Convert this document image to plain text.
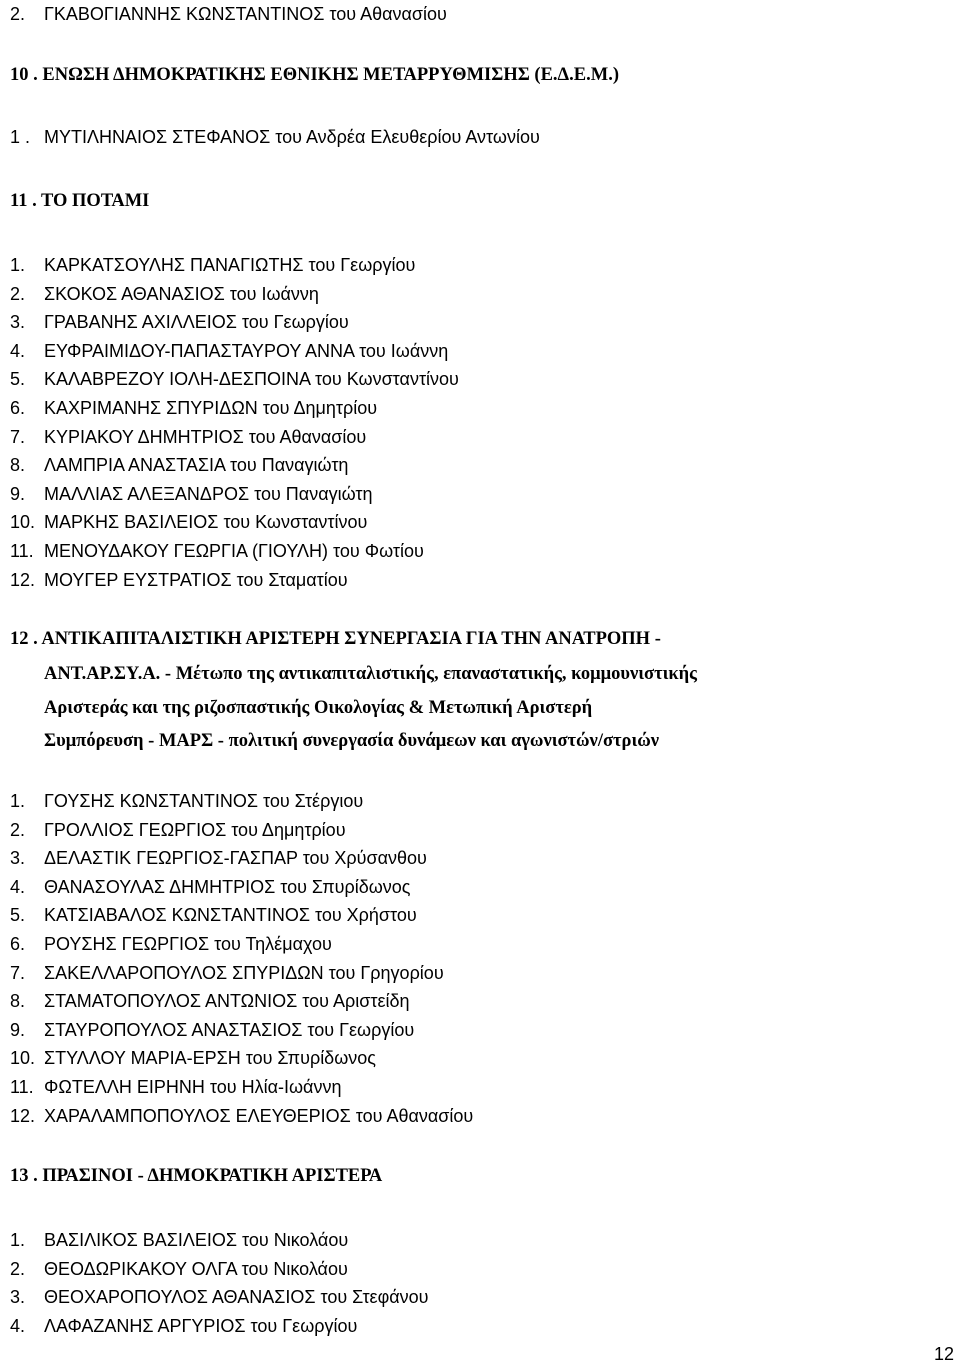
2. ΓΚΑΒΟΓΙΑΝΝΗΣ ΚΩΝΣΤΑΝΤΙΝΟΣ του Αθανασίου
10 . ΕΝΩΣΗ ΔΗΜΟΚΡΑΤΙΚΗΣ ΕΘΝΙΚΗΣ ΜΕΤΑΡΡΥΘΜΙΣΗΣ (Ε.Δ.Ε.Μ.)
1 . ΜΥΤΙΛΗΝΑΙΟΣ ΣΤΕΦΑΝΟΣ του Ανδρέα Ελευθερίου Αντωνίου
11 . ΤΟ ΠΟΤΑΜΙ
1. ΚΑΡΚΑΤΣΟΥΛΗΣ ΠΑΝΑΓΙΩΤΗΣ του Γεωργίου
2. ΣΚΟΚΟΣ ΑΘΑΝΑΣΙΟΣ του Ιωάννη
3. ΓΡΑΒΑΝΗΣ ΑΧΙΛΛΕΙΟΣ του Γεωργίου
4. ΕΥΦΡΑΙΜΙΔΟΥ-ΠΑΠΑΣΤΑΥΡΟΥ ΑΝΝΑ του Ιωάννη
5. ΚΑΛΑΒΡΕΖΟΥ ΙΟΛΗ-ΔΕΣΠΟΙΝΑ του Κωνσταντίνου
6. ΚΑΧΡΙΜΑΝΗΣ ΣΠΥΡΙΔΩΝ του Δημητρίου
7. ΚΥΡΙΑΚΟΥ ΔΗΜΗΤΡΙΟΣ του Αθανασίου
8. ΛΑΜΠΡΙΑ ΑΝΑΣΤΑΣΙΑ του Παναγιώτη
9. ΜΑΛΛΙΑΣ ΑΛΕΞΑΝΔΡΟΣ του Παναγιώτη
10. ΜΑΡΚΗΣ ΒΑΣΙΛΕΙΟΣ του Κωνσταντίνου
11. ΜΕΝΟΥΔΑΚΟΥ ΓΕΩΡΓΙΑ (ΓΙΟΥΛΗ) του Φωτίου
12. ΜΟΥΓΕΡ ΕΥΣΤΡΑΤΙΟΣ του Σταματίου
12 . ΑΝΤΙΚΑΠΙΤΑΛΙΣΤΙΚΗ ΑΡΙΣΤΕΡΗ ΣΥΝΕΡΓΑΣΙΑ ΓΙΑ ΤΗΝ ΑΝΑΤΡΟΠΗ -
ΑΝΤ.ΑΡ.ΣΥ.Α. - Μέτωπο της αντικαπιταλιστικής, επαναστατικής, κομμουνιστικής
Αριστεράς και της ριζοσπαστικής Οικολογίας & Μετωπική Αριστερή
Συμπόρευση - ΜΑΡΣ - πολιτική συνεργασία δυνάμεων και αγωνιστών/στριών
1. ΓΟΥΣΗΣ ΚΩΝΣΤΑΝΤΙΝΟΣ του Στέργιου
2. ΓΡΟΛΛΙΟΣ ΓΕΩΡΓΙΟΣ του Δημητρίου
3. ΔΕΛΑΣΤΙΚ ΓΕΩΡΓΙΟΣ-ΓΑΣΠΑΡ του Χρύσανθου
4. ΘΑΝΑΣΟΥΛΑΣ ΔΗΜΗΤΡΙΟΣ του Σπυρίδωνος
5. ΚΑΤΣΙΑΒΑΛΟΣ ΚΩΝΣΤΑΝΤΙΝΟΣ του Χρήστου
6. ΡΟΥΣΗΣ ΓΕΩΡΓΙΟΣ του Τηλέμαχου
7. ΣΑΚΕΛΛΑΡΟΠΟΥΛΟΣ ΣΠΥΡΙΔΩΝ του Γρηγορίου
8. ΣΤΑΜΑΤΟΠΟΥΛΟΣ ΑΝΤΩΝΙΟΣ του Αριστείδη
9. ΣΤΑΥΡΟΠΟΥΛΟΣ ΑΝΑΣΤΑΣΙΟΣ του Γεωργίου
10. ΣΤΥΛΛΟΥ ΜΑΡΙΑ-ΕΡΣΗ του Σπυρίδωνος
11. ΦΩΤΕΛΛΗ ΕΙΡΗΝΗ του Ηλία-Ιωάννη
12. ΧΑΡΑΛΑΜΠΟΠΟΥΛΟΣ ΕΛΕΥΘΕΡΙΟΣ του Αθανασίου
13 . ΠΡΑΣΙΝΟΙ - ΔΗΜΟΚΡΑΤΙΚΗ ΑΡΙΣΤΕΡΑ
1. ΒΑΣΙΛΙΚΟΣ ΒΑΣΙΛΕΙΟΣ του Νικολάου
2. ΘΕΟΔΩΡΙΚΑΚΟΥ ΟΛΓΑ του Νικολάου
3. ΘΕΟΧΑΡΟΠΟΥΛΟΣ ΑΘΑΝΑΣΙΟΣ του Στεφάνου
4. ΛΑΦΑΖΑΝΗΣ ΑΡΓΥΡΙΟΣ του Γεωργίου
12
